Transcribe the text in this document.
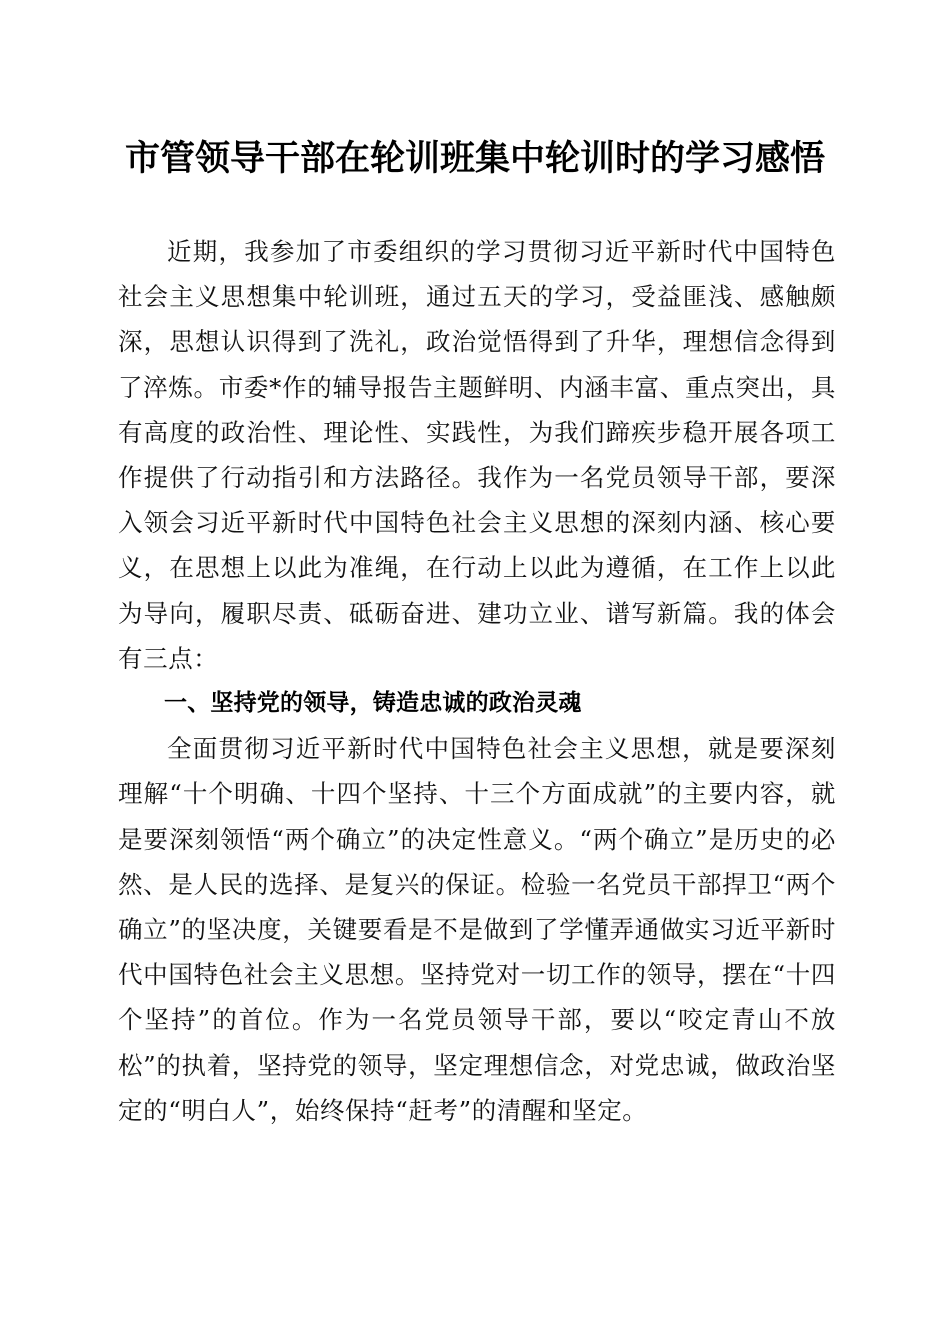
市管领导干部在轮训班集中轮训时的学习感悟

近期，我参加了市委组织的学习贯彻习近平新时代中国特色社会主义思想集中轮训班，通过五天的学习，受益匪浅、感触颇深，思想认识得到了洗礼，政治觉悟得到了升华，理想信念得到了淬炼。市委*作的辅导报告主题鲜明、内涵丰富、重点突出，具有高度的政治性、理论性、实践性，为我们蹄疾步稳开展各项工作提供了行动指引和方法路径。我作为一名党员领导干部，要深入领会习近平新时代中国特色社会主义思想的深刻内涵、核心要义，在思想上以此为准绳，在行动上以此为遵循，在工作上以此为导向，履职尽责、砥砺奋进、建功立业、谱写新篇。我的体会有三点：

一、坚持党的领导，铸造忠诚的政治灵魂

全面贯彻习近平新时代中国特色社会主义思想，就是要深刻理解“十个明确、十四个坚持、十三个方面成就”的主要内容，就是要深刻领悟“两个确立”的决定性意义。“两个确立”是历史的必然、是人民的选择、是复兴的保证。检验一名党员干部捍卫“两个确立”的坚决度，关键要看是不是做到了学懂弄通做实习近平新时代中国特色社会主义思想。坚持党对一切工作的领导，摆在“十四个坚持”的首位。作为一名党员领导干部，要以“咬定青山不放松”的执着，坚持党的领导，坚定理想信念，对党忠诚，做政治坚定的“明白人”，始终保持“赶考”的清醒和坚定。
